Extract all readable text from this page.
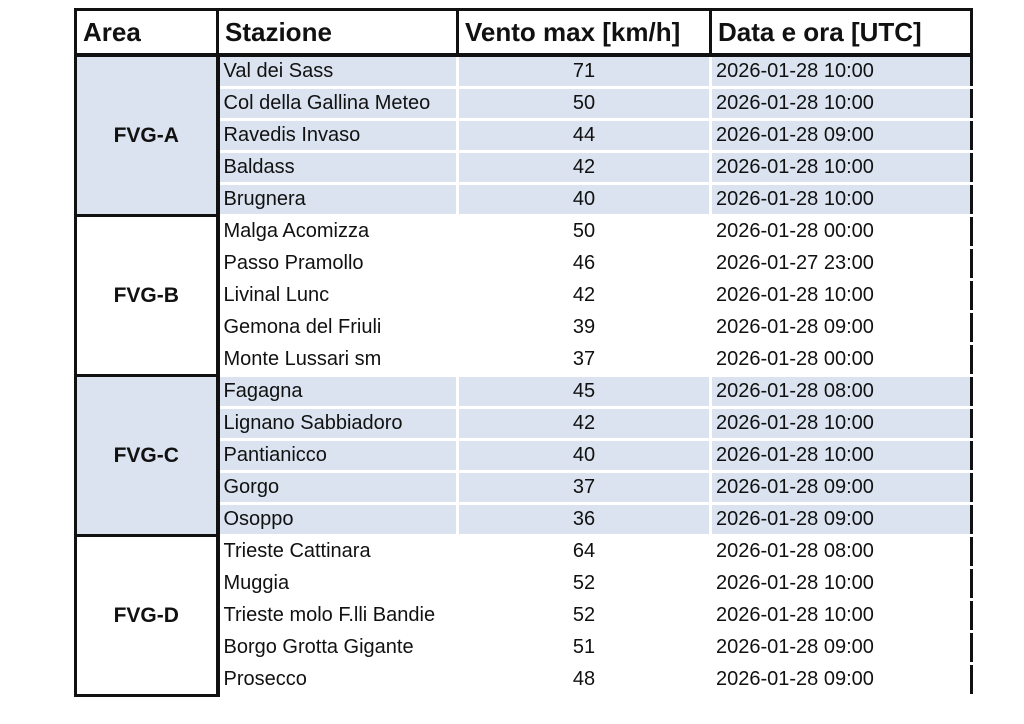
Area	Stazione	Vento max [km/h]	Data e ora [UTC]
FVG-A	Val dei Sass	71	2026-01-28 10:00
	Col della Gallina Meteo	50	2026-01-28 10:00
	Ravedis Invaso	44	2026-01-28 09:00
	Baldass	42	2026-01-28 10:00
	Brugnera	40	2026-01-28 10:00
FVG-B	Malga Acomizza	50	2026-01-28 00:00
	Passo Pramollo	46	2026-01-27 23:00
	Livinal Lunc	42	2026-01-28 10:00
	Gemona del Friuli	39	2026-01-28 09:00
	Monte Lussari sm	37	2026-01-28 00:00
FVG-C	Fagagna	45	2026-01-28 08:00
	Lignano Sabbiadoro	42	2026-01-28 10:00
	Pantianicco	40	2026-01-28 10:00
	Gorgo	37	2026-01-28 09:00
	Osoppo	36	2026-01-28 09:00
FVG-D	Trieste Cattinara	64	2026-01-28 08:00
	Muggia	52	2026-01-28 10:00
	Trieste molo F.lli Bandie	52	2026-01-28 10:00
	Borgo Grotta Gigante	51	2026-01-28 09:00
	Prosecco	48	2026-01-28 09:00
